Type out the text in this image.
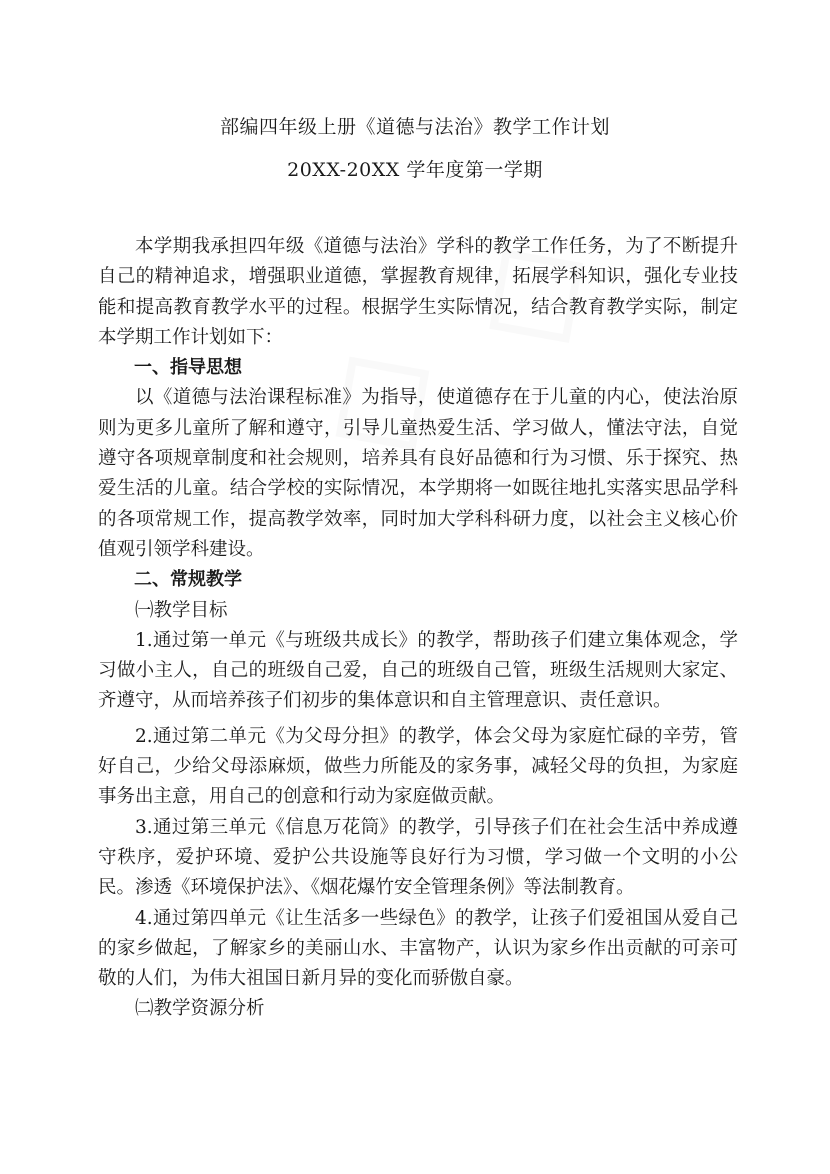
部编四年级上册《道德与法治》教学工作计划
20XX-20XX 学年度第一学期

本学期我承担四年级《道德与法治》学科的教学工作任务，为了不断提升自己的精神追求，增强职业道德，掌握教育规律，拓展学科知识，强化专业技能和提高教育教学水平的过程。根据学生实际情况，结合教育教学实际，制定本学期工作计划如下：

一、指导思想

以《道德与法治课程标准》为指导，使道德存在于儿童的内心，使法治原则为更多儿童所了解和遵守，引导儿童热爱生活、学习做人，懂法守法，自觉遵守各项规章制度和社会规则，培养具有良好品德和行为习惯、乐于探究、热爱生活的儿童。结合学校的实际情况，本学期将一如既往地扎实落实思品学科的各项常规工作，提高教学效率，同时加大学科科研力度，以社会主义核心价值观引领学科建设。

二、常规教学

㈠教学目标

1.通过第一单元《与班级共成长》的教学，帮助孩子们建立集体观念，学习做小主人，自己的班级自己爱，自己的班级自己管，班级生活规则大家定、齐遵守，从而培养孩子们初步的集体意识和自主管理意识、责任意识。

2.通过第二单元《为父母分担》的教学，体会父母为家庭忙碌的辛劳，管好自己，少给父母添麻烦，做些力所能及的家务事，减轻父母的负担，为家庭事务出主意，用自己的创意和行动为家庭做贡献。

3.通过第三单元《信息万花筒》的教学，引导孩子们在社会生活中养成遵守秩序，爱护环境、爱护公共设施等良好行为习惯，学习做一个文明的小公民。渗透《环境保护法》、《烟花爆竹安全管理条例》等法制教育。

4.通过第四单元《让生活多一些绿色》的教学，让孩子们爱祖国从爱自己的家乡做起，了解家乡的美丽山水、丰富物产，认识为家乡作出贡献的可亲可敬的人们，为伟大祖国日新月异的变化而骄傲自豪。

㈡教学资源分析
